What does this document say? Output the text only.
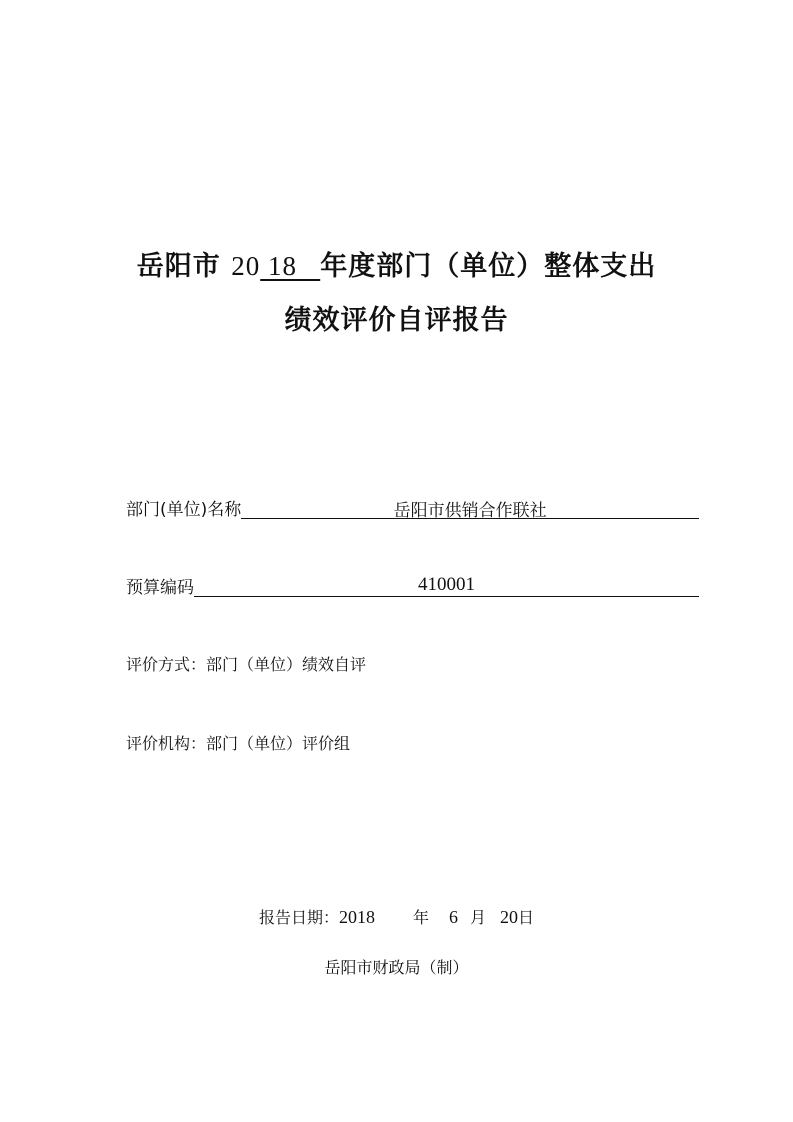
岳阳市 20 18 年度部门（单位）整体支出
绩效评价自评报告
部门(单位)名称	岳阳市供销合作联社
预算编码	410001
评价方式：部门（单位）绩效自评
评价机构：部门（单位）评价组
报告日期：2018 年 6 月 20日
岳阳市财政局（制）
